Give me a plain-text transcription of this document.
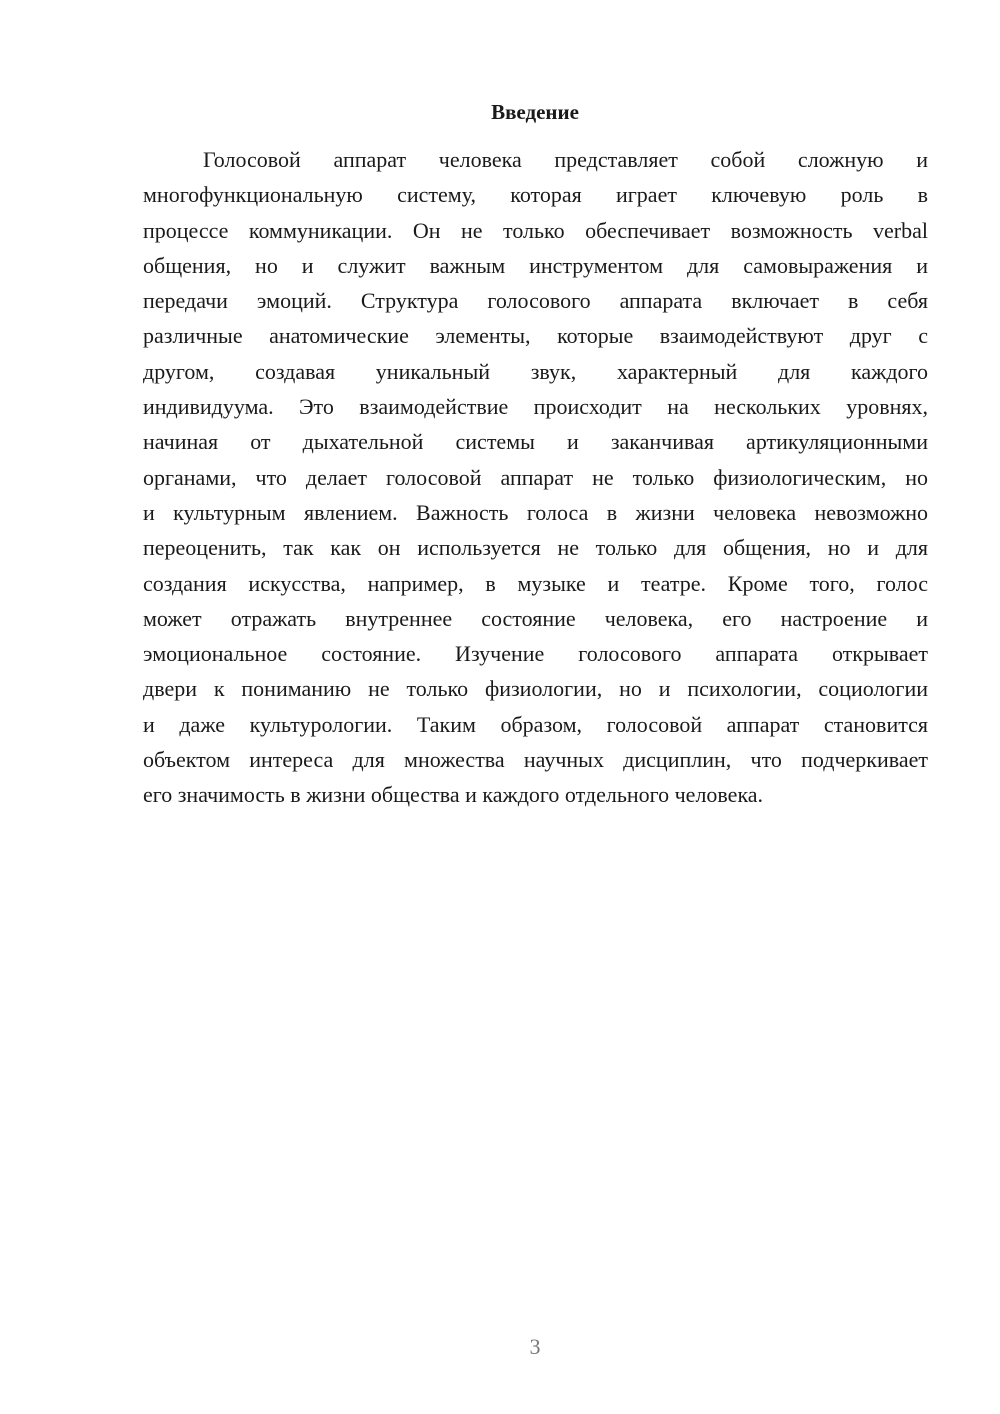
Введение
Голосовой аппарат человека представляет собой сложную и
многофункциональную систему, которая играет ключевую роль в
процессе коммуникации. Он не только обеспечивает возможность verbal
общения, но и служит важным инструментом для самовыражения и
передачи эмоций. Структура голосового аппарата включает в себя
различные анатомические элементы, которые взаимодействуют друг с
другом, создавая уникальный звук, характерный для каждого
индивидуума. Это взаимодействие происходит на нескольких уровнях,
начиная от дыхательной системы и заканчивая артикуляционными
органами, что делает голосовой аппарат не только физиологическим, но
и культурным явлением. Важность голоса в жизни человека невозможно
переоценить, так как он используется не только для общения, но и для
создания искусства, например, в музыке и театре. Кроме того, голос
может отражать внутреннее состояние человека, его настроение и
эмоциональное состояние. Изучение голосового аппарата открывает
двери к пониманию не только физиологии, но и психологии, социологии
и даже культурологии. Таким образом, голосовой аппарат становится
объектом интереса для множества научных дисциплин, что подчеркивает
его значимость в жизни общества и каждого отдельного человека.
3
